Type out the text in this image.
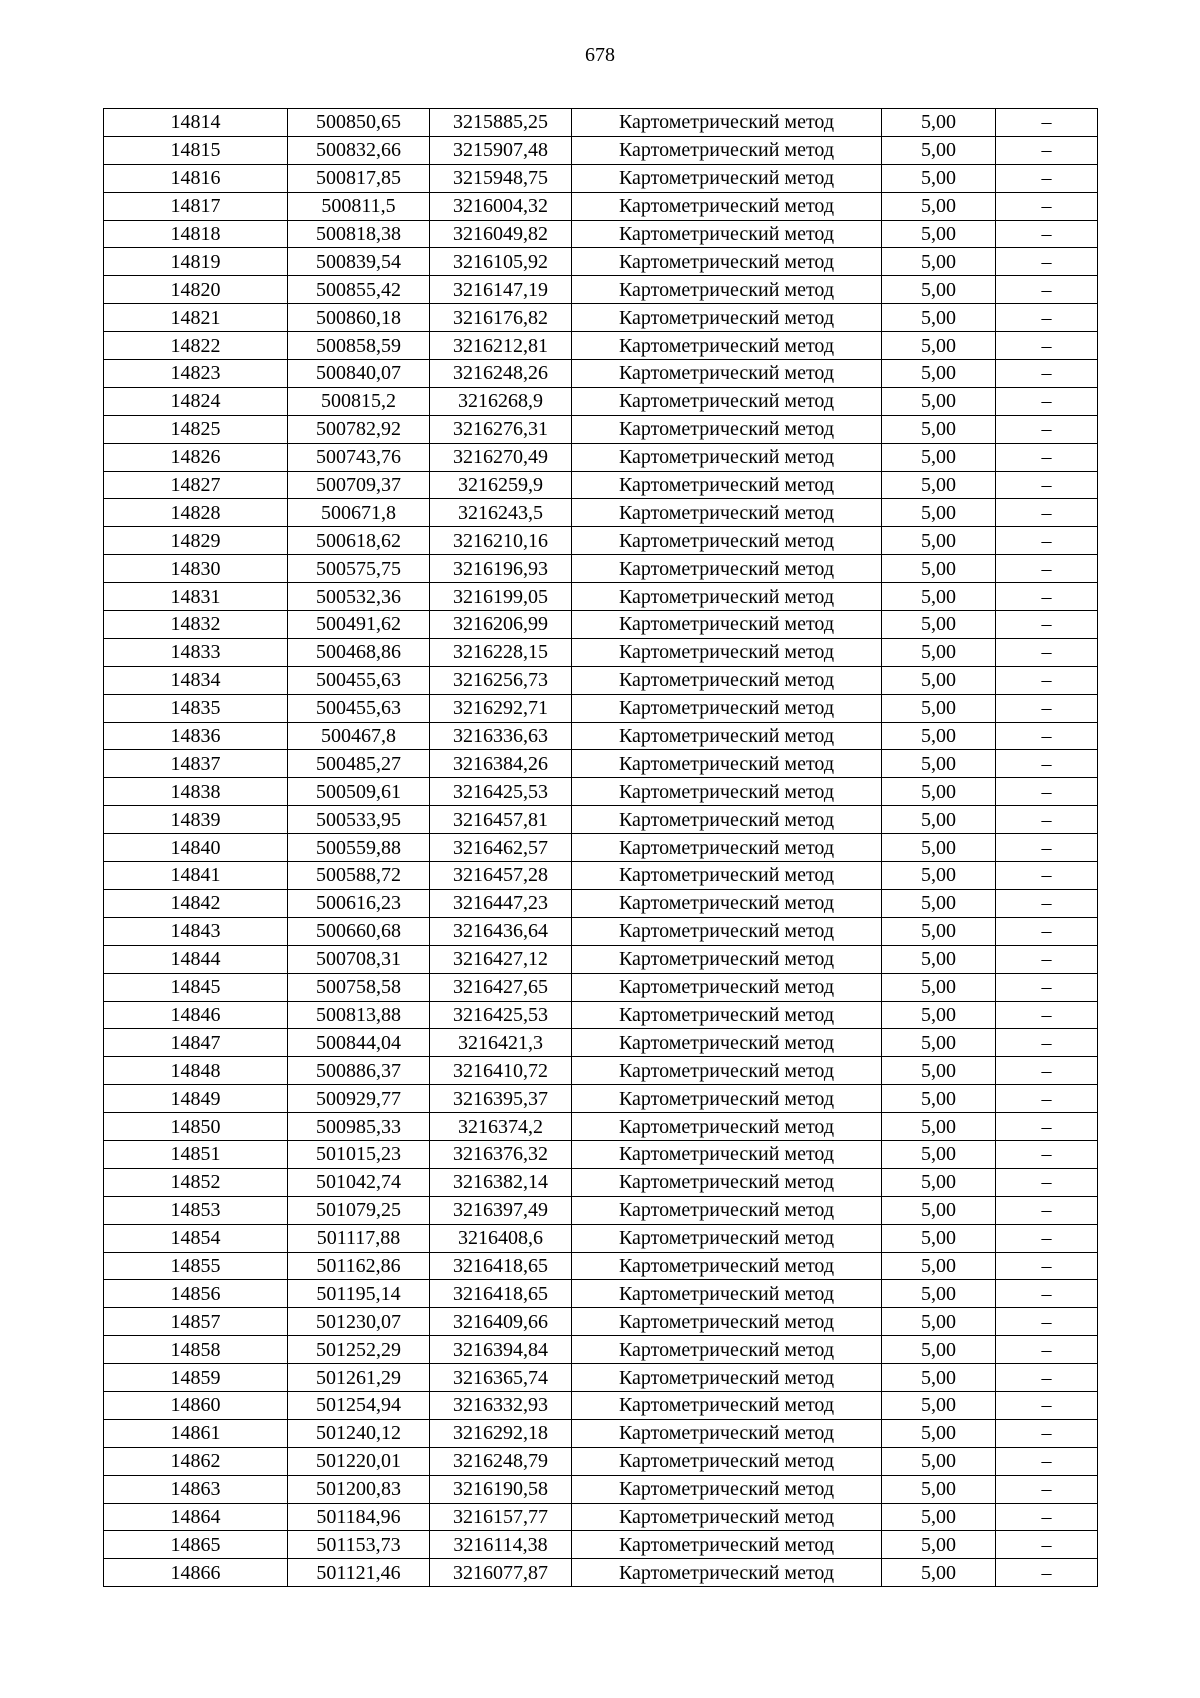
678
14814	500850,65	3215885,25	Картометрический метод	5,00	–
14815	500832,66	3215907,48	Картометрический метод	5,00	–
14816	500817,85	3215948,75	Картометрический метод	5,00	–
14817	500811,5	3216004,32	Картометрический метод	5,00	–
14818	500818,38	3216049,82	Картометрический метод	5,00	–
14819	500839,54	3216105,92	Картометрический метод	5,00	–
14820	500855,42	3216147,19	Картометрический метод	5,00	–
14821	500860,18	3216176,82	Картометрический метод	5,00	–
14822	500858,59	3216212,81	Картометрический метод	5,00	–
14823	500840,07	3216248,26	Картометрический метод	5,00	–
14824	500815,2	3216268,9	Картометрический метод	5,00	–
14825	500782,92	3216276,31	Картометрический метод	5,00	–
14826	500743,76	3216270,49	Картометрический метод	5,00	–
14827	500709,37	3216259,9	Картометрический метод	5,00	–
14828	500671,8	3216243,5	Картометрический метод	5,00	–
14829	500618,62	3216210,16	Картометрический метод	5,00	–
14830	500575,75	3216196,93	Картометрический метод	5,00	–
14831	500532,36	3216199,05	Картометрический метод	5,00	–
14832	500491,62	3216206,99	Картометрический метод	5,00	–
14833	500468,86	3216228,15	Картометрический метод	5,00	–
14834	500455,63	3216256,73	Картометрический метод	5,00	–
14835	500455,63	3216292,71	Картометрический метод	5,00	–
14836	500467,8	3216336,63	Картометрический метод	5,00	–
14837	500485,27	3216384,26	Картометрический метод	5,00	–
14838	500509,61	3216425,53	Картометрический метод	5,00	–
14839	500533,95	3216457,81	Картометрический метод	5,00	–
14840	500559,88	3216462,57	Картометрический метод	5,00	–
14841	500588,72	3216457,28	Картометрический метод	5,00	–
14842	500616,23	3216447,23	Картометрический метод	5,00	–
14843	500660,68	3216436,64	Картометрический метод	5,00	–
14844	500708,31	3216427,12	Картометрический метод	5,00	–
14845	500758,58	3216427,65	Картометрический метод	5,00	–
14846	500813,88	3216425,53	Картометрический метод	5,00	–
14847	500844,04	3216421,3	Картометрический метод	5,00	–
14848	500886,37	3216410,72	Картометрический метод	5,00	–
14849	500929,77	3216395,37	Картометрический метод	5,00	–
14850	500985,33	3216374,2	Картометрический метод	5,00	–
14851	501015,23	3216376,32	Картометрический метод	5,00	–
14852	501042,74	3216382,14	Картометрический метод	5,00	–
14853	501079,25	3216397,49	Картометрический метод	5,00	–
14854	501117,88	3216408,6	Картометрический метод	5,00	–
14855	501162,86	3216418,65	Картометрический метод	5,00	–
14856	501195,14	3216418,65	Картометрический метод	5,00	–
14857	501230,07	3216409,66	Картометрический метод	5,00	–
14858	501252,29	3216394,84	Картометрический метод	5,00	–
14859	501261,29	3216365,74	Картометрический метод	5,00	–
14860	501254,94	3216332,93	Картометрический метод	5,00	–
14861	501240,12	3216292,18	Картометрический метод	5,00	–
14862	501220,01	3216248,79	Картометрический метод	5,00	–
14863	501200,83	3216190,58	Картометрический метод	5,00	–
14864	501184,96	3216157,77	Картометрический метод	5,00	–
14865	501153,73	3216114,38	Картометрический метод	5,00	–
14866	501121,46	3216077,87	Картометрический метод	5,00	–
